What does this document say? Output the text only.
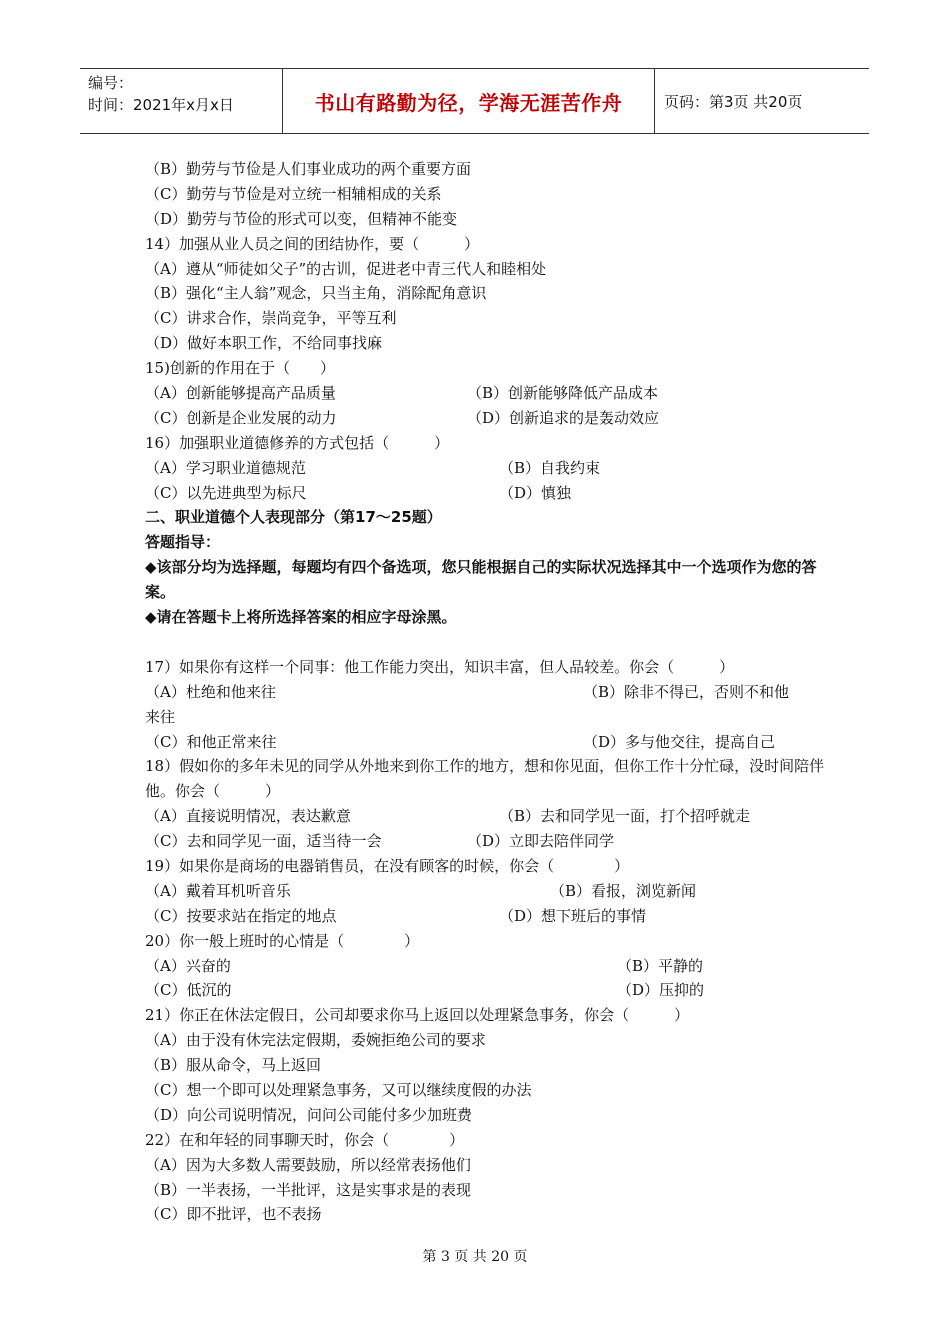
编号：
时间：2021年x月x日	书山有路勤为径，学海无涯苦作舟	页码：第3页 共20页
（B）勤劳与节俭是人们事业成功的两个重要方面
（C）勤劳与节俭是对立统一相辅相成的关系
（D）勤劳与节俭的形式可以变，但精神不能变
14）加强从业人员之间的团结协作，要（　　　）
（A）遵从“师徒如父子”的古训，促进老中青三代人和睦相处
（B）强化“主人翁”观念，只当主角，消除配角意识
（C）讲求合作，崇尚竞争，平等互利
（D）做好本职工作，不给同事找麻
15)创新的作用在于（　　）
（A）创新能够提高产品质量	（B）创新能够降低产品成本
（C）创新是企业发展的动力	（D）创新追求的是轰动效应
16）加强职业道德修养的方式包括（　　　）
（A）学习职业道德规范	（B）自我约束
（C）以先进典型为标尺	（D）慎独
二、职业道德个人表现部分（第17～25题）
答题指导：
◆该部分均为选择题，每题均有四个备选项，您只能根据自己的实际状况选择其中一个选项作为您的答案。
◆请在答题卡上将所选择答案的相应字母涂黑。
17）如果你有这样一个同事：他工作能力突出，知识丰富，但人品较差。你会（　　　）
（A）杜绝和他来往	（B）除非不得已，否则不和他
来往
（C）和他正常来往	（D）多与他交往，提高自己
18）假如你的多年未见的同学从外地来到你工作的地方，想和你见面，但你工作十分忙碌，没时间陪伴他。你会（　　　）
（A）直接说明情况，表达歉意	（B）去和同学见一面，打个招呼就走
（C）去和同学见一面，适当待一会	（D）立即去陪伴同学
19）如果你是商场的电器销售员，在没有顾客的时候，你会（　　　　）
（A）戴着耳机听音乐	（B）看报，浏览新闻
（C）按要求站在指定的地点	（D）想下班后的事情
20）你一般上班时的心情是（　　　　）
（A）兴奋的	（B）平静的
（C）低沉的	（D）压抑的
21）你正在休法定假日，公司却要求你马上返回以处理紧急事务，你会（　　　）
（A）由于没有休完法定假期，委婉拒绝公司的要求
（B）服从命令，马上返回
（C）想一个即可以处理紧急事务，又可以继续度假的办法
（D）向公司说明情况，问问公司能付多少加班费
22）在和年轻的同事聊天时，你会（　　　　）
（A）因为大多数人需要鼓励，所以经常表扬他们
（B）一半表扬，一半批评，这是实事求是的表现
（C）即不批评，也不表扬
第 3 页 共 20 页
